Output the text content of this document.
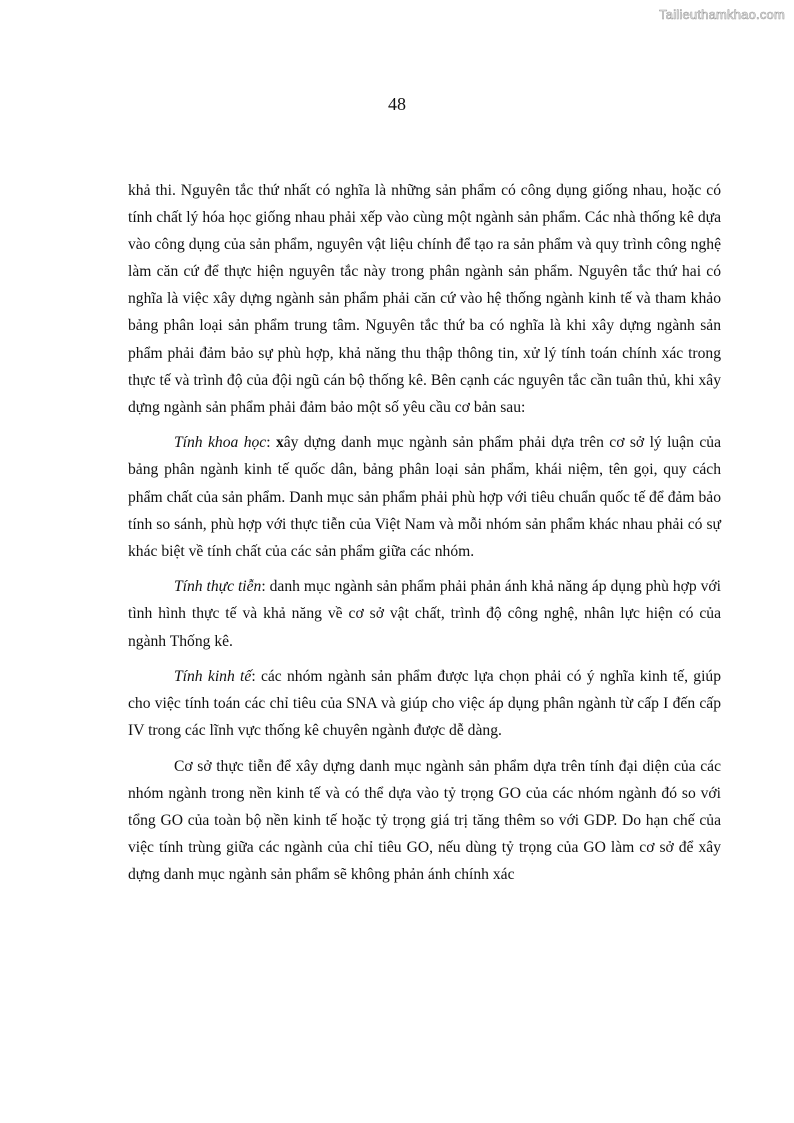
Tailieuthamkhao.com
48

khả thi. Nguyên tắc thứ nhất có nghĩa là những sản phẩm có công dụng giống nhau, hoặc có tính chất lý hóa học giống nhau phải xếp vào cùng một ngành sản phẩm. Các nhà thống kê dựa vào công dụng của sản phẩm, nguyên vật liệu chính để tạo ra sản phẩm và quy trình công nghệ làm căn cứ để thực hiện nguyên tắc này trong phân ngành sản phẩm. Nguyên tắc thứ hai có nghĩa là việc xây dựng ngành sản phẩm phải căn cứ vào hệ thống ngành kinh tế và tham khảo bảng phân loại sản phẩm trung tâm. Nguyên tắc thứ ba có nghĩa là khi xây dựng ngành sản phẩm phải đảm bảo sự phù hợp, khả năng thu thập thông tin, xử lý tính toán chính xác trong thực tế và trình độ của đội ngũ cán bộ thống kê. Bên cạnh các nguyên tắc cần tuân thủ, khi xây dựng ngành sản phẩm phải đảm bảo một số yêu cầu cơ bản sau:

Tính khoa học: xây dựng danh mục ngành sản phẩm phải dựa trên cơ sở lý luận của bảng phân ngành kinh tế quốc dân, bảng phân loại sản phẩm, khái niệm, tên gọi, quy cách phẩm chất của sản phẩm. Danh mục sản phẩm phải phù hợp với tiêu chuẩn quốc tế để đảm bảo tính so sánh, phù hợp với thực tiễn của Việt Nam và mỗi nhóm sản phẩm khác nhau phải có sự khác biệt về tính chất của các sản phẩm giữa các nhóm.

Tính thực tiễn: danh mục ngành sản phẩm phải phản ánh khả năng áp dụng phù hợp với tình hình thực tế và khả năng về cơ sở vật chất, trình độ công nghệ, nhân lực hiện có của ngành Thống kê.

Tính kinh tế: các nhóm ngành sản phẩm được lựa chọn phải có ý nghĩa kinh tế, giúp cho việc tính toán các chỉ tiêu của SNA và giúp cho việc áp dụng phân ngành từ cấp I đến cấp IV trong các lĩnh vực thống kê chuyên ngành được dễ dàng.

Cơ sở thực tiễn để xây dựng danh mục ngành sản phẩm dựa trên tính đại diện của các nhóm ngành trong nền kinh tế và có thể dựa vào tỷ trọng GO của các nhóm ngành đó so với tổng GO của toàn bộ nền kinh tế hoặc tỷ trọng giá trị tăng thêm so với GDP. Do hạn chế của việc tính trùng giữa các ngành của chỉ tiêu GO, nếu dùng tỷ trọng của GO làm cơ sở để xây dựng danh mục ngành sản phẩm sẽ không phản ánh chính xác
